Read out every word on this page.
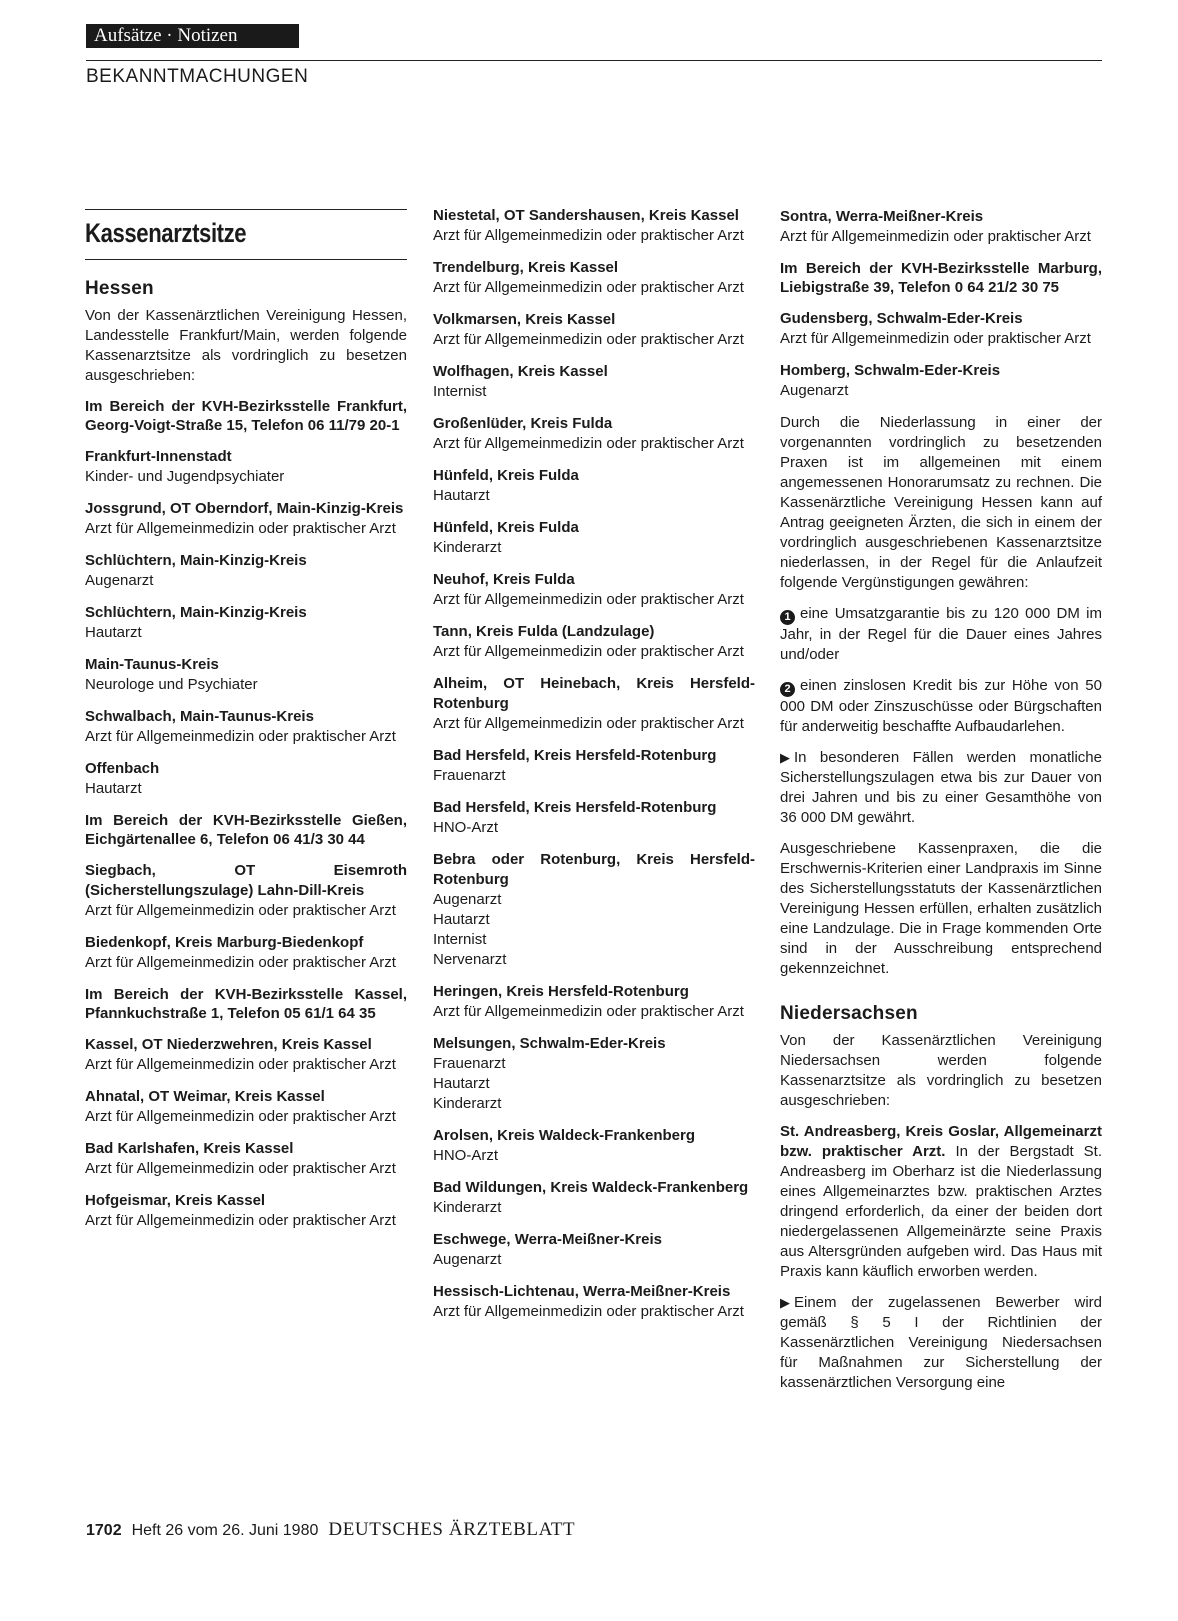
Aufsätze · Notizen
BEKANNTMACHUNGEN
Kassenarztsitze
Hessen
Von der Kassenärztlichen Vereinigung Hessen, Landesstelle Frankfurt/Main, werden folgende Kassenarztsitze als vordringlich zu besetzen ausgeschrieben:
Im Bereich der KVH-Bezirksstelle Frankfurt, Georg-Voigt-Straße 15, Telefon 06 11/79 20-1
Frankfurt-Innenstadt
Kinder- und Jugendpsychiater
Jossgrund, OT Oberndorf, Main-Kinzig-Kreis
Arzt für Allgemeinmedizin oder praktischer Arzt
Schlüchtern, Main-Kinzig-Kreis
Augenarzt
Schlüchtern, Main-Kinzig-Kreis
Hautarzt
Main-Taunus-Kreis
Neurologe und Psychiater
Schwalbach, Main-Taunus-Kreis
Arzt für Allgemeinmedizin oder praktischer Arzt
Offenbach
Hautarzt
Im Bereich der KVH-Bezirksstelle Gießen, Eichgärtenallee 6, Telefon 06 41/3 30 44
Siegbach, OT Eisemroth (Sicherstellungszulage) Lahn-Dill-Kreis
Arzt für Allgemeinmedizin oder praktischer Arzt
Biedenkopf, Kreis Marburg-Biedenkopf
Arzt für Allgemeinmedizin oder praktischer Arzt
Im Bereich der KVH-Bezirksstelle Kassel, Pfannkuchstraße 1, Telefon 05 61/1 64 35
Kassel, OT Niederzwehren, Kreis Kassel
Arzt für Allgemeinmedizin oder praktischer Arzt
Ahnatal, OT Weimar, Kreis Kassel
Arzt für Allgemeinmedizin oder praktischer Arzt
Bad Karlshafen, Kreis Kassel
Arzt für Allgemeinmedizin oder praktischer Arzt
Hofgeismar, Kreis Kassel
Arzt für Allgemeinmedizin oder praktischer Arzt
Niestetal, OT Sandershausen, Kreis Kassel
Arzt für Allgemeinmedizin oder praktischer Arzt
Trendelburg, Kreis Kassel
Arzt für Allgemeinmedizin oder praktischer Arzt
Volkmarsen, Kreis Kassel
Arzt für Allgemeinmedizin oder praktischer Arzt
Wolfhagen, Kreis Kassel
Internist
Großenlüder, Kreis Fulda
Arzt für Allgemeinmedizin oder praktischer Arzt
Hünfeld, Kreis Fulda
Hautarzt
Hünfeld, Kreis Fulda
Kinderarzt
Neuhof, Kreis Fulda
Arzt für Allgemeinmedizin oder praktischer Arzt
Tann, Kreis Fulda (Landzulage)
Arzt für Allgemeinmedizin oder praktischer Arzt
Alheim, OT Heinebach, Kreis Hersfeld-Rotenburg
Arzt für Allgemeinmedizin oder praktischer Arzt
Bad Hersfeld, Kreis Hersfeld-Rotenburg
Frauenarzt
Bad Hersfeld, Kreis Hersfeld-Rotenburg
HNO-Arzt
Bebra oder Rotenburg, Kreis Hersfeld-Rotenburg
Augenarzt
Hautarzt
Internist
Nervenarzt
Heringen, Kreis Hersfeld-Rotenburg
Arzt für Allgemeinmedizin oder praktischer Arzt
Melsungen, Schwalm-Eder-Kreis
Frauenarzt
Hautarzt
Kinderarzt
Arolsen, Kreis Waldeck-Frankenberg
HNO-Arzt
Bad Wildungen, Kreis Waldeck-Frankenberg
Kinderarzt
Eschwege, Werra-Meißner-Kreis
Augenarzt
Hessisch-Lichtenau, Werra-Meißner-Kreis
Arzt für Allgemeinmedizin oder praktischer Arzt
Sontra, Werra-Meißner-Kreis
Arzt für Allgemeinmedizin oder praktischer Arzt
Im Bereich der KVH-Bezirksstelle Marburg, Liebigstraße 39, Telefon 0 64 21/2 30 75
Gudensberg, Schwalm-Eder-Kreis
Arzt für Allgemeinmedizin oder praktischer Arzt
Homberg, Schwalm-Eder-Kreis
Augenarzt
Durch die Niederlassung in einer der vorgenannten vordringlich zu besetzenden Praxen ist im allgemeinen mit einem angemessenen Honorarumsatz zu rechnen. Die Kassenärztliche Vereinigung Hessen kann auf Antrag geeigneten Ärzten, die sich in einem der vordringlich ausgeschriebenen Kassenarztsitze niederlassen, in der Regel für die Anlaufzeit folgende Vergünstigungen gewähren:
1 eine Umsatzgarantie bis zu 120 000 DM im Jahr, in der Regel für die Dauer eines Jahres und/oder
2 einen zinslosen Kredit bis zur Höhe von 50 000 DM oder Zinszuschüsse oder Bürgschaften für anderweitig beschaffte Aufbaudarlehen.
▶ In besonderen Fällen werden monatliche Sicherstellungszulagen etwa bis zur Dauer von drei Jahren und bis zu einer Gesamthöhe von 36 000 DM gewährt.
Ausgeschriebene Kassenpraxen, die die Erschwernis-Kriterien einer Landpraxis im Sinne des Sicherstellungsstatuts der Kassenärztlichen Vereinigung Hessen erfüllen, erhalten zusätzlich eine Landzulage. Die in Frage kommenden Orte sind in der Ausschreibung entsprechend gekennzeichnet.
Niedersachsen
Von der Kassenärztlichen Vereinigung Niedersachsen werden folgende Kassenarztsitze als vordringlich zu besetzen ausgeschrieben:
St. Andreasberg, Kreis Goslar, Allgemeinarzt bzw. praktischer Arzt. In der Bergstadt St. Andreasberg im Oberharz ist die Niederlassung eines Allgemeinarztes bzw. praktischen Arztes dringend erforderlich, da einer der beiden dort niedergelassenen Allgemeinärzte seine Praxis aus Altersgründen aufgeben wird. Das Haus mit Praxis kann käuflich erworben werden.
▶ Einem der zugelassenen Bewerber wird gemäß § 5 I der Richtlinien der Kassenärztlichen Vereinigung Niedersachsen für Maßnahmen zur Sicherstellung der kassenärztlichen Versorgung eine
1702 Heft 26 vom 26. Juni 1980 DEUTSCHES ÄRZTEBLATT
